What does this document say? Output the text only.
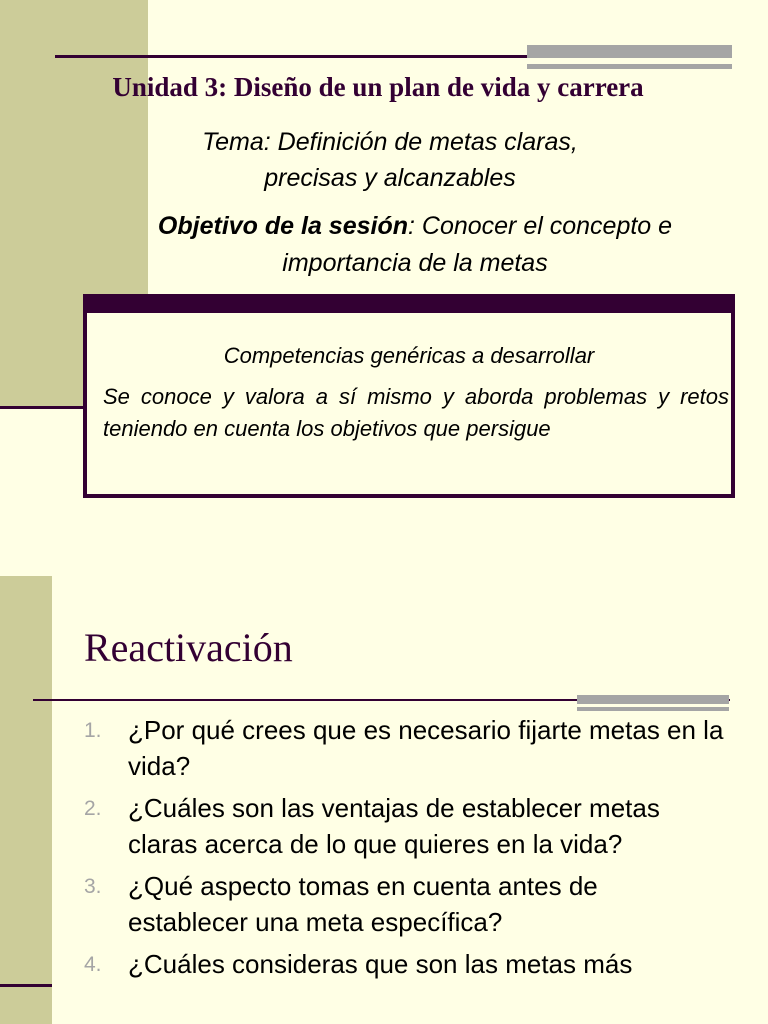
Unidad 3: Diseño de un plan de vida y carrera
Tema: Definición de metas claras,
precisas y alcanzables
Objetivo de la sesión: Conocer el concepto e importancia de la metas
Competencias genéricas a desarrollar
Se conoce y valora a sí mismo y aborda problemas y retos teniendo en cuenta los objetivos que persigue
Reactivación
1.	¿Por qué crees que es necesario fijarte metas en la vida?
2.	¿Cuáles son las ventajas de establecer metas claras acerca de lo que quieres en la vida?
3.	¿Qué aspecto tomas en cuenta antes de establecer una meta específica?
4.	¿Cuáles consideras que son las metas más
